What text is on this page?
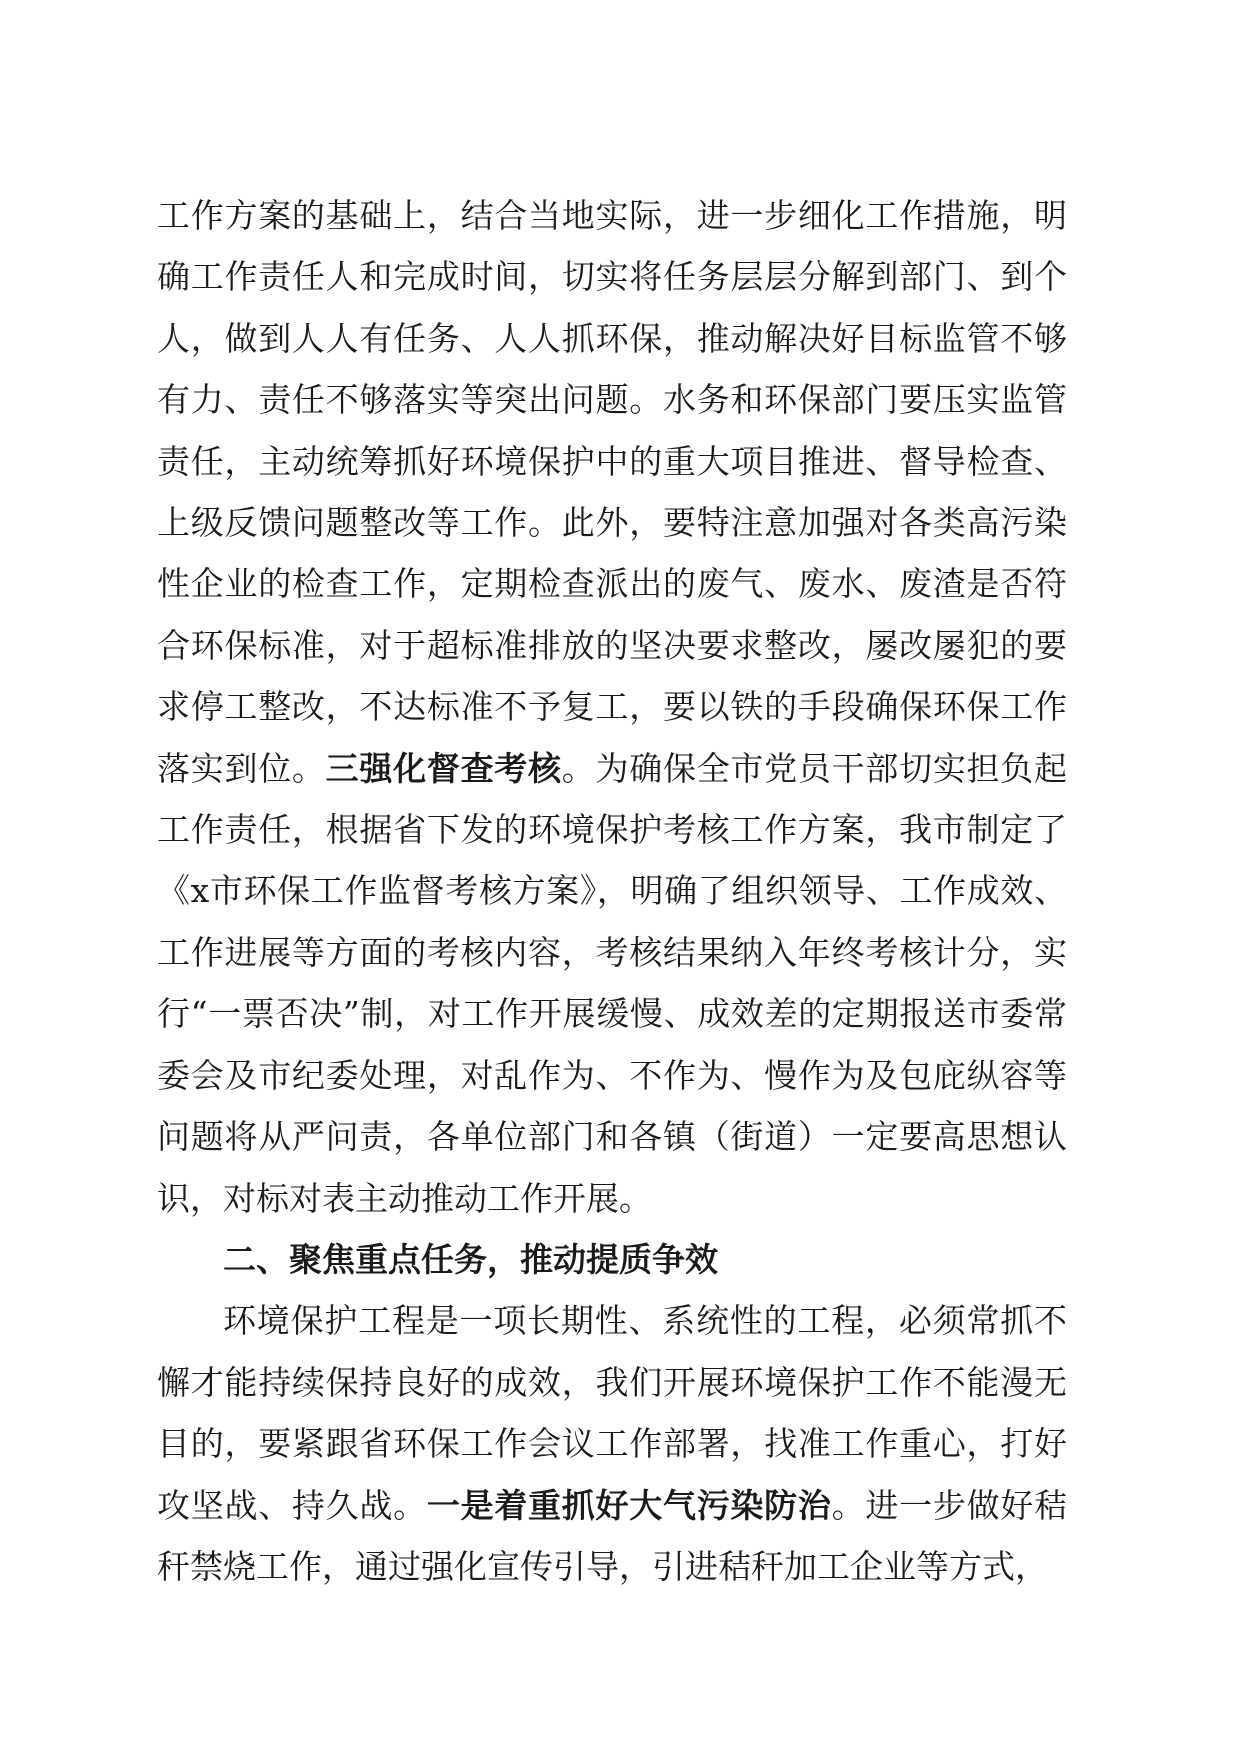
工作方案的基础上，结合当地实际，进一步细化工作措施，明确工作责任人和完成时间，切实将任务层层分解到部门、到个人，做到人人有任务、人人抓环保，推动解决好目标监管不够有力、责任不够落实等突出问题。水务和环保部门要压实监管责任，主动统筹抓好环境保护中的重大项目推进、督导检查、上级反馈问题整改等工作。此外，要特注意加强对各类高污染性企业的检查工作，定期检查派出的废气、废水、废渣是否符合环保标准，对于超标准排放的坚决要求整改，屡改屡犯的要求停工整改，不达标准不予复工，要以铁的手段确保环保工作落实到位。三强化督查考核。为确保全市党员干部切实担负起工作责任，根据省下发的环境保护考核工作方案，我市制定了《x市环保工作监督考核方案》，明确了组织领导、工作成效、工作进展等方面的考核内容，考核结果纳入年终考核计分，实行“一票否决”制，对工作开展缓慢、成效差的定期报送市委常委会及市纪委处理，对乱作为、不作为、慢作为及包庇纵容等问题将从严问责，各单位部门和各镇（街道）一定要高思想认识，对标对表主动推动工作开展。

二、聚焦重点任务，推动提质争效

环境保护工程是一项长期性、系统性的工程，必须常抓不懈才能持续保持良好的成效，我们开展环境保护工作不能漫无目的，要紧跟省环保工作会议工作部署，找准工作重心，打好攻坚战、持久战。一是着重抓好大气污染防治。进一步做好秸秆禁烧工作，通过强化宣传引导，引进秸秆加工企业等方式，
